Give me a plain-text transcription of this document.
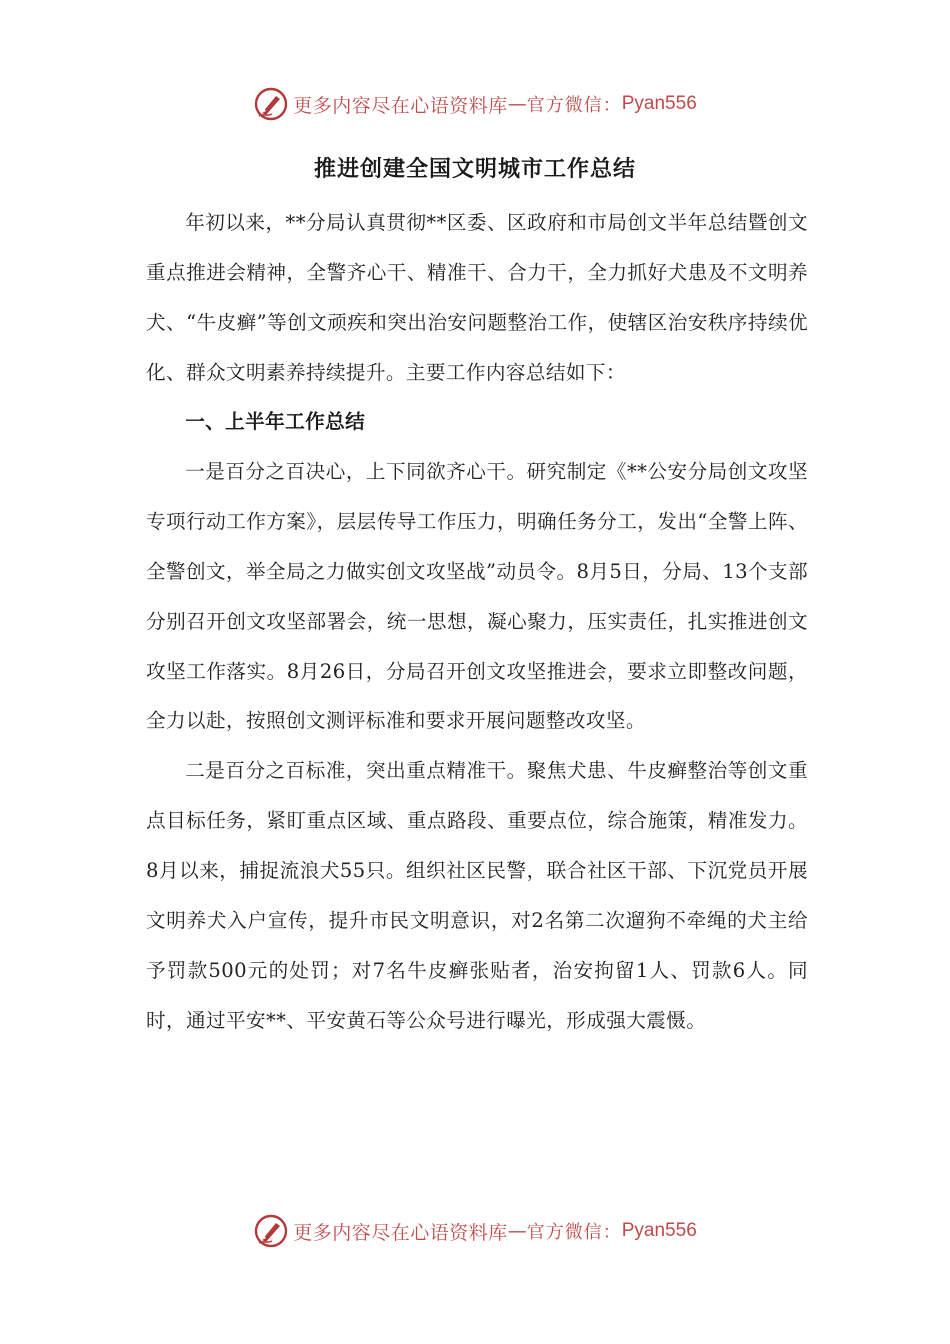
更多内容尽在心语资料库 — 官方微信： Pyan556
推进创建全国文明城市工作总结

年初以来，**分局认真贯彻**区委、区政府和市局创文半年总结暨创文重点推进会精神，全警齐心干、精准干、合力干，全力抓好犬患及不文明养犬、“牛皮癣”等创文顽疾和突出治安问题整治工作，使辖区治安秩序持续优化、群众文明素养持续提升。主要工作内容总结如下：

一、上半年工作总结

一是百分之百决心，上下同欲齐心干。研究制定《**公安分局创文攻坚专项行动工作方案》，层层传导工作压力，明确任务分工，发出“全警上阵、全警创文，举全局之力做实创文攻坚战”动员令。8月5日，分局、13个支部分别召开创文攻坚部署会，统一思想，凝心聚力，压实责任，扎实推进创文攻坚工作落实。8月26日，分局召开创文攻坚推进会，要求立即整改问题，全力以赴，按照创文测评标准和要求开展问题整改攻坚。

二是百分之百标准，突出重点精准干。聚焦犬患、牛皮癣整治等创文重点目标任务，紧盯重点区域、重点路段、重要点位，综合施策，精准发力。8月以来，捕捉流浪犬55只。组织社区民警，联合社区干部、下沉党员开展文明养犬入户宣传，提升市民文明意识，对2名第二次遛狗不牵绳的犬主给予罚款500元的处罚；对7名牛皮癣张贴者，治安拘留1人、罚款6人。同时，通过平安**、平安黄石等公众号进行曝光，形成强大震慑。

更多内容尽在心语资料库 — 官方微信： Pyan556
